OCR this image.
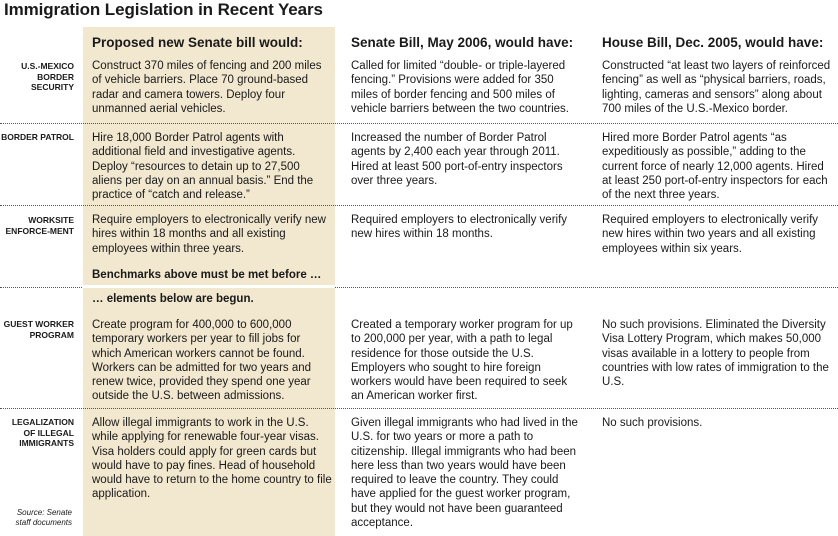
Immigration Legislation in Recent Years
Proposed new Senate bill would:	Senate Bill, May 2006, would have: House Bill, Dec. 2005, would have:
U.S.-MEXICO BORDER SECURITY
Construct 370 miles of fencing and 200 miles of vehicle barriers. Place 70 ground-based radar and camera towers. Deploy four unmanned aerial vehicles.
Called for limited “double- or triple-layered fencing.” Provisions were added for 350 miles of border fencing and 500 miles of vehicle barriers between the two countries.
Constructed “at least two layers of reinforced fencing” as well as “physical barriers, roads, lighting, cameras and sensors” along about 700 miles of the U.S.-Mexico border.
BORDER PATROL Hire 18,000 Border Patrol agents with additional field and investigative agents. Deploy “resources to detain up to 27,500 aliens per day on an annual basis.” End the practice of “catch and release.”
Increased the number of Border Patrol agents by 2,400 each year through 2011. Hired at least 500 port-of-entry inspectors over three years.
Hired more Border Patrol agents “as expeditiously as possible,” adding to the current force of nearly 12,000 agents. Hired at least 250 port-of-entry inspectors for each of the next three years.
WORKSITE ENFORCE-MENT
Require employers to electronically verify new hires within 18 months and all existing employees within three years.
Benchmarks above must be met before …
Required employers to electronically verify new hires within 18 months.
Required employers to electronically verify new hires within two years and all existing employees within six years.
… elements below are begun.
GUEST WORKER PROGRAM
Create program for 400,000 to 600,000 temporary workers per year to fill jobs for which American workers cannot be found. Workers can be admitted for two years and renew twice, provided they spend one year outside the U.S. between admissions.
Created a temporary worker program for up to 200,000 per year, with a path to legal residence for those outside the U.S. Employers who sought to hire foreign workers would have been required to seek an American worker first.
No such provisions. Eliminated the Diversity Visa Lottery Program, which makes 50,000 visas available in a lottery to people from countries with low rates of immigration to the U.S.
LEGALIZATION OF ILLEGAL IMMIGRANTS
Allow illegal immigrants to work in the U.S. while applying for renewable four-year visas. Visa holders could apply for green cards but would have to pay fines. Head of household would have to return to the home country to file application.
Given illegal immigrants who had lived in the U.S. for two years or more a path to citizenship. Illegal immigrants who had been here less than two years would have been required to leave the country. They could have applied for the guest worker program, but they would not have been guaranteed acceptance.
No such provisions.
Source: Senate staff documents
